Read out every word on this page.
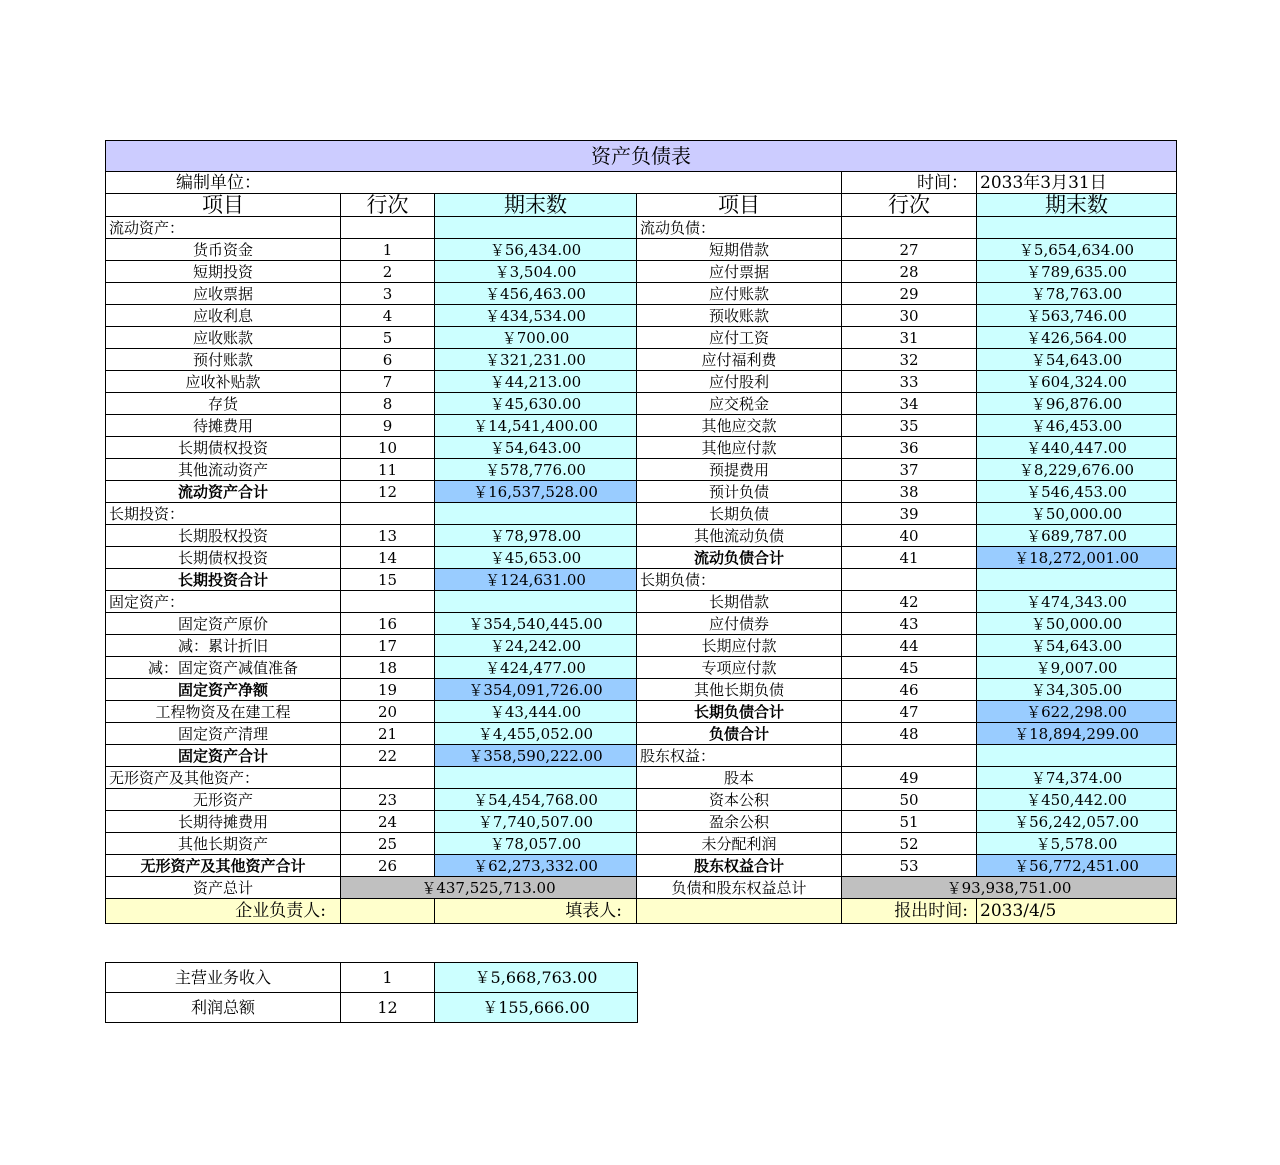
资产负债表					
编制单位：				时间：	2033年3月31日
项目	行次	期末数	项目	行次	期末数
流动资产：			流动负债：		
货币资金	1	￥56,434.00	短期借款	27	￥5,654,634.00
短期投资	2	￥3,504.00	应付票据	28	￥789,635.00
应收票据	3	￥456,463.00	应付账款	29	￥78,763.00
应收利息	4	￥434,534.00	预收账款	30	￥563,746.00
应收账款	5	￥700.00	应付工资	31	￥426,564.00
预付账款	6	￥321,231.00	应付福利费	32	￥54,643.00
应收补贴款	7	￥44,213.00	应付股利	33	￥604,324.00
存货	8	￥45,630.00	应交税金	34	￥96,876.00
待摊费用	9	￥14,541,400.00	其他应交款	35	￥46,453.00
长期债权投资	10	￥54,643.00	其他应付款	36	￥440,447.00
其他流动资产	11	￥578,776.00	预提费用	37	￥8,229,676.00
流动资产合计	12	￥16,537,528.00	预计负债	38	￥546,453.00
长期投资：			长期负债	39	￥50,000.00
长期股权投资	13	￥78,978.00	其他流动负债	40	￥689,787.00
长期债权投资	14	￥45,653.00	流动负债合计	41	￥18,272,001.00
长期投资合计	15	￥124,631.00	长期负债：		
固定资产：			长期借款	42	￥474,343.00
固定资产原价	16	￥354,540,445.00	应付债券	43	￥50,000.00
减：累计折旧	17	￥24,242.00	长期应付款	44	￥54,643.00
减：固定资产减值准备	18	￥424,477.00	专项应付款	45	￥9,007.00
固定资产净额	19	￥354,091,726.00	其他长期负债	46	￥34,305.00
工程物资及在建工程	20	￥43,444.00	长期负债合计	47	￥622,298.00
固定资产清理	21	￥4,455,052.00	负债合计	48	￥18,894,299.00
固定资产合计	22	￥358,590,222.00	股东权益：		
无形资产及其他资产：			股本	49	￥74,374.00
无形资产	23	￥54,454,768.00	资本公积	50	￥450,442.00
长期待摊费用	24	￥7,740,507.00	盈余公积	51	￥56,242,057.00
其他长期资产	25	￥78,057.00	未分配利润	52	￥5,578.00
无形资产及其他资产合计	26	￥62,273,332.00	股东权益合计	53	￥56,772,451.00
资产总计	￥437,525,713.00		负债和股东权益总计	￥93,938,751.00	
企业负责人:		填表人:		报出时间:	2033/4/5
主营业务收入	1	￥5,668,763.00
利润总额	12	￥155,666.00
